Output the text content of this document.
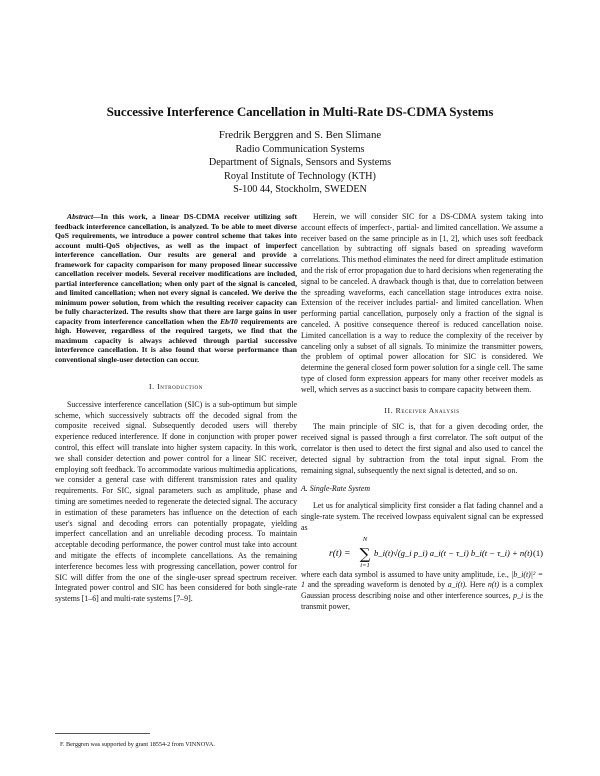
Successive Interference Cancellation in Multi-Rate DS-CDMA Systems
Fredrik Berggren and S. Ben Slimane
Radio Communication Systems
Department of Signals, Sensors and Systems
Royal Institute of Technology (KTH)
S-100 44, Stockholm, SWEDEN

Abstract—In this work, a linear DS-CDMA receiver utilizing soft feedback interference cancellation, is analyzed. To be able to meet diverse QoS requirements, we introduce a power control scheme that takes into account multi-QoS objectives, as well as the impact of imperfect interference cancellation. Our results are general and provide a framework for capacity comparison for many proposed linear successive cancellation receiver models. Several receiver modifications are included, partial interference cancellation; when only part of the signal is canceled, and limited cancellation; when not every signal is canceled. We derive the minimum power solution, from which the resulting receiver capacity can be fully characterized. The results show that there are large gains in user capacity from interference cancellation when the Eb/I0 requirements are high. However, regardless of the required targets, we find that the maximum capacity is always achieved through partial successive interference cancellation. It is also found that worse performance than conventional single-user detection can occur.

I. Introduction

Successive interference cancellation (SIC) is a sub-optimum but simple scheme, which successively subtracts off the decoded signal from the composite received signal. Subsequently decoded users will thereby experience reduced interference. If done in conjunction with proper power control, this effect will translate into higher system capacity. In this work, we shall consider detection and power control for a linear SIC receiver, employing soft feedback. To accommodate various multimedia applications, we consider a general case with different transmission rates and quality requirements. For SIC, signal parameters such as amplitude, phase and timing are sometimes needed to regenerate the detected signal. The accuracy in estimation of these parameters has influence on the detection of each user's signal and decoding errors can potentially propagate, yielding imperfect cancellation and an unreliable decoding process. To maintain acceptable decoding performance, the power control must take into account and mitigate the effects of incomplete cancellations. As the remaining interference becomes less with progressing cancellation, power control for SIC will differ from the one of the single-user spread spectrum receiver. Integrated power control and SIC has been considered for both single-rate systems [1–6] and multi-rate systems [7–9].

Herein, we will consider SIC for a DS-CDMA system taking into account effects of imperfect-, partial- and limited cancellation. We assume a receiver based on the same principle as in [1, 2], which uses soft feedback cancellation by subtracting off signals based on spreading waveform correlations. This method eliminates the need for direct amplitude estimation and the risk of error propagation due to hard decisions when regenerating the signal to be canceled. A drawback though is that, due to correlation between the spreading waveforms, each cancellation stage introduces extra noise. Extension of the receiver includes partial- and limited cancellation. When performing partial cancellation, purposely only a fraction of the signal is canceled. A positive consequence thereof is reduced cancellation noise. Limited cancellation is a way to reduce the complexity of the receiver by canceling only a subset of all signals. To minimize the transmitter powers, the problem of optimal power allocation for SIC is considered. We determine the general closed form power solution for a single cell. The same type of closed form expression appears for many other receiver models as well, which serves as a succinct basis to compare capacity between them.

II. Receiver Analysis

The main principle of SIC is, that for a given decoding order, the received signal is passed through a first correlator. The soft output of the correlator is then used to detect the first signal and also used to cancel the detected signal by subtraction from the total input signal. From the remaining signal, subsequently the next signal is detected, and so on.

A. Single-Rate System

Let us for analytical simplicity first consider a flat fading channel and a single-rate system. The received lowpass equivalent signal can be expressed as

r(t) =
N
∑
i=1
b_i(t)√(g_i p_i) a_i(t − τ_i) b_i(t − τ_i) + n(t) (1)

where each data symbol is assumed to have unity amplitude, i.e., |b_i(t)|² = 1 and the spreading waveform is denoted by a_i(t). Here n(t) is a complex Gaussian process describing noise and other interference sources, p_i is the transmit power,

F. Berggren was supported by grant 18554-2 from VINNOVA.
